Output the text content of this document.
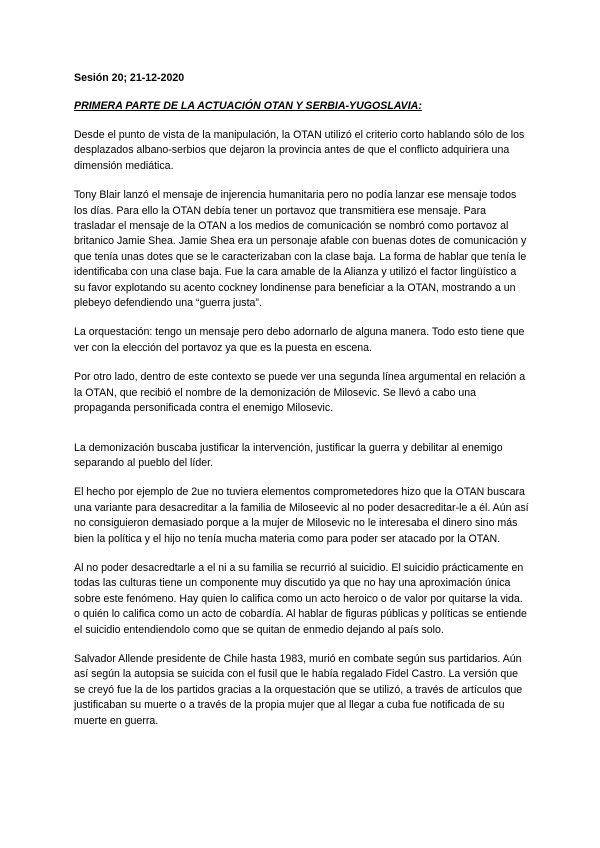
Sesión 20; 21-12-2020
PRIMERA PARTE DE LA ACTUACIÓN OTAN Y SERBIA-YUGOSLAVIA:

Desde el punto de vista de la manipulación, la OTAN utilizó el criterio corto hablando sólo de los desplazados albano-serbios que dejaron la provincia antes de que el conflicto adquiriera una dimensión mediática.

Tony Blair lanzó el mensaje de injerencia humanitaria pero no podía lanzar ese mensaje todos los días. Para ello la OTAN debía tener un portavoz que transmitiera ese mensaje. Para trasladar el mensaje de la OTAN a los medios de comunicación se nombró como portavoz al britanico Jamie Shea. Jamie Shea era un personaje afable con buenas dotes de comunicación y que tenía unas dotes que se le caracterizaban con la clase baja. La forma de hablar que tenía le identificaba con una clase baja. Fue la cara amable de la Alianza y utilizó el factor lingüístico a su favor explotando su acento cockney londinense para beneficiar a la OTAN, mostrando a un plebeyo defendiendo una “guerra justa”.

La orquestación: tengo un mensaje pero debo adornarlo de alguna manera. Todo esto tiene que ver con la elección del portavoz ya que es la puesta en escena.

Por otro lado, dentro de este contexto se puede ver una segunda línea argumental en relación a la OTAN, que recibió el nombre de la demonización de Milosevic. Se llevó a cabo una propaganda personificada contra el enemigo Milosevic.

La demonización buscaba justificar la intervención, justificar la guerra y debilitar al enemigo separando al pueblo del líder.

El hecho por ejemplo de 2ue no tuviera elementos comprometedores hizo que la OTAN buscara una variante para desacreditar a la familia de Miloseevic al no poder desacreditar-le a él. Aún así no consiguieron demasiado porque a la mujer de Milosevic no le interesaba el dinero sino más bien la política y el hijo no tenía mucha materia como para poder ser atacado por la OTAN.

Al no poder desacredtarle a el ni a su familia se recurrió al suicidio. El suicidio prácticamente en todas las culturas tiene un componente muy discutido ya que no hay una aproximación única sobre este fenómeno. Hay quien lo califica como un acto heroico o de valor por quitarse la vida. o quién lo califica como un acto de cobardía. Al hablar de figuras públicas y políticas se entiende el suicidio entendiendolo como que se quitan de enmedio dejando al país solo.

Salvador Allende presidente de Chile hasta 1983, murió en combate según sus partidarios. Aún así según la autopsia se suicida con el fusil que le había regalado Fidel Castro. La versión que se creyó fue la de los partidos gracias a la orquestación que se utilizó, a través de artículos que justificaban su muerte o a través de la propia mujer que al llegar a cuba fue notificada de su muerte en guerra.
